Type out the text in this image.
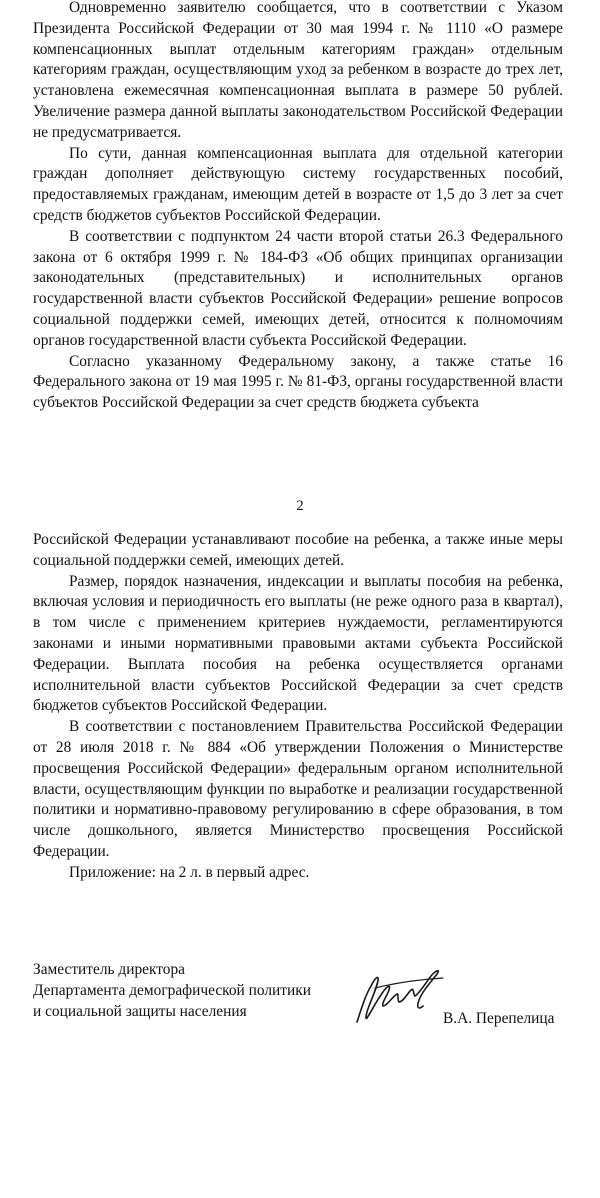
Одновременно заявителю сообщается, что в соответствии с Указом Президента Российской Федерации от 30 мая 1994 г. № 1110 «О размере компенсационных выплат отдельным категориям граждан» отдельным категориям граждан, осуществляющим уход за ребенком в возрасте до трех лет, установлена ежемесячная компенсационная выплата в размере 50 рублей. Увеличение размера данной выплаты законодательством Российской Федерации не предусматривается.

По сути, данная компенсационная выплата для отдельной категории граждан дополняет действующую систему государственных пособий, предоставляемых гражданам, имеющим детей в возрасте от 1,5 до 3 лет за счет средств бюджетов субъектов Российской Федерации.

В соответствии с подпунктом 24 части второй статьи 26.3 Федерального закона от 6 октября 1999 г. № 184-ФЗ «Об общих принципах организации законодательных (представительных) и исполнительных органов государственной власти субъектов Российской Федерации» решение вопросов социальной поддержки семей, имеющих детей, относится к полномочиям органов государственной власти субъекта Российской Федерации.

Согласно указанному Федеральному закону, а также статье 16 Федерального закона от 19 мая 1995 г. № 81-ФЗ, органы государственной власти субъектов Российской Федерации за счет средств бюджета субъекта

2

Российской Федерации устанавливают пособие на ребенка, а также иные меры социальной поддержки семей, имеющих детей.

Размер, порядок назначения, индексации и выплаты пособия на ребенка, включая условия и периодичность его выплаты (не реже одного раза в квартал), в том числе с применением критериев нуждаемости, регламентируются законами и иными нормативными правовыми актами субъекта Российской Федерации. Выплата пособия на ребенка осуществляется органами исполнительной власти субъектов Российской Федерации за счет средств бюджетов субъектов Российской Федерации.

В соответствии с постановлением Правительства Российской Федерации от 28 июля 2018 г. № 884 «Об утверждении Положения о Министерстве просвещения Российской Федерации» федеральным органом исполнительной власти, осуществляющим функции по выработке и реализации государственной политики и нормативно-правовому регулированию в сфере образования, в том числе дошкольного, является Министерство просвещения Российской Федерации.

Приложение: на 2 л. в первый адрес.

Заместитель директора
Департамента демографической политики
и социальной защиты населения	В.А. Перепелица
